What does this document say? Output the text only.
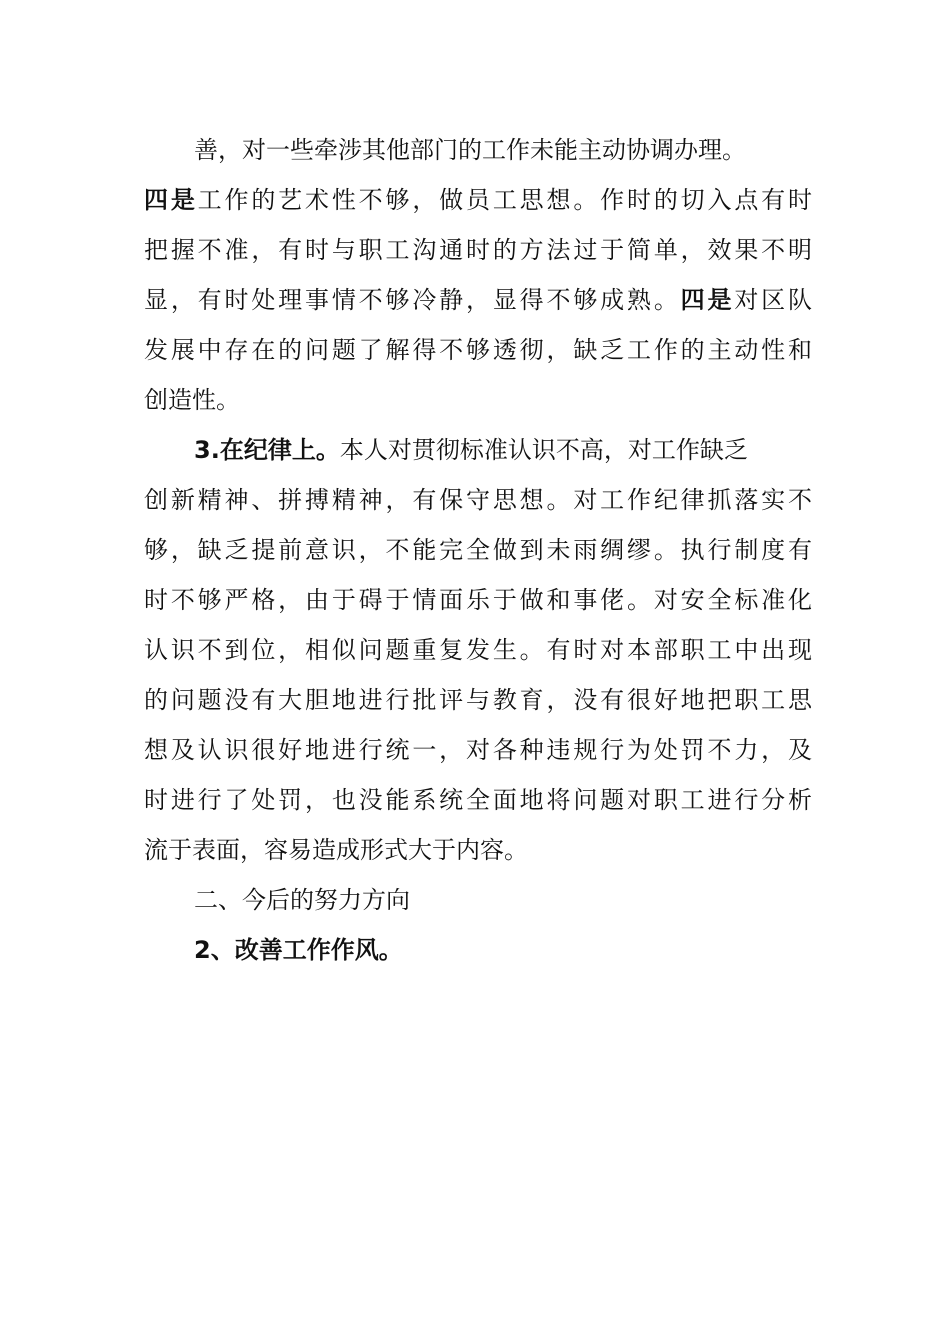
善，对一些牵涉其他部门的工作未能主动协调办理。
四是工作的艺术性不够，做员工思想。作时的切入点有时
把握不准，有时与职工沟通时的方法过于简单，效果不明
显，有时处理事情不够冷静，显得不够成熟。四是对区队
发展中存在的问题了解得不够透彻，缺乏工作的主动性和
创造性。
3.在纪律上。本人对贯彻标准认识不高，对工作缺乏
创新精神、拼搏精神，有保守思想。对工作纪律抓落实不
够，缺乏提前意识，不能完全做到未雨绸缪。执行制度有
时不够严格，由于碍于情面乐于做和事佬。对安全标准化
认识不到位，相似问题重复发生。有时对本部职工中出现
的问题没有大胆地进行批评与教育，没有很好地把职工思
想及认识很好地进行统一，对各种违规行为处罚不力，及
时进行了处罚，也没能系统全面地将问题对职工进行分析
流于表面，容易造成形式大于内容。
二、今后的努力方向
2、改善工作作风。
